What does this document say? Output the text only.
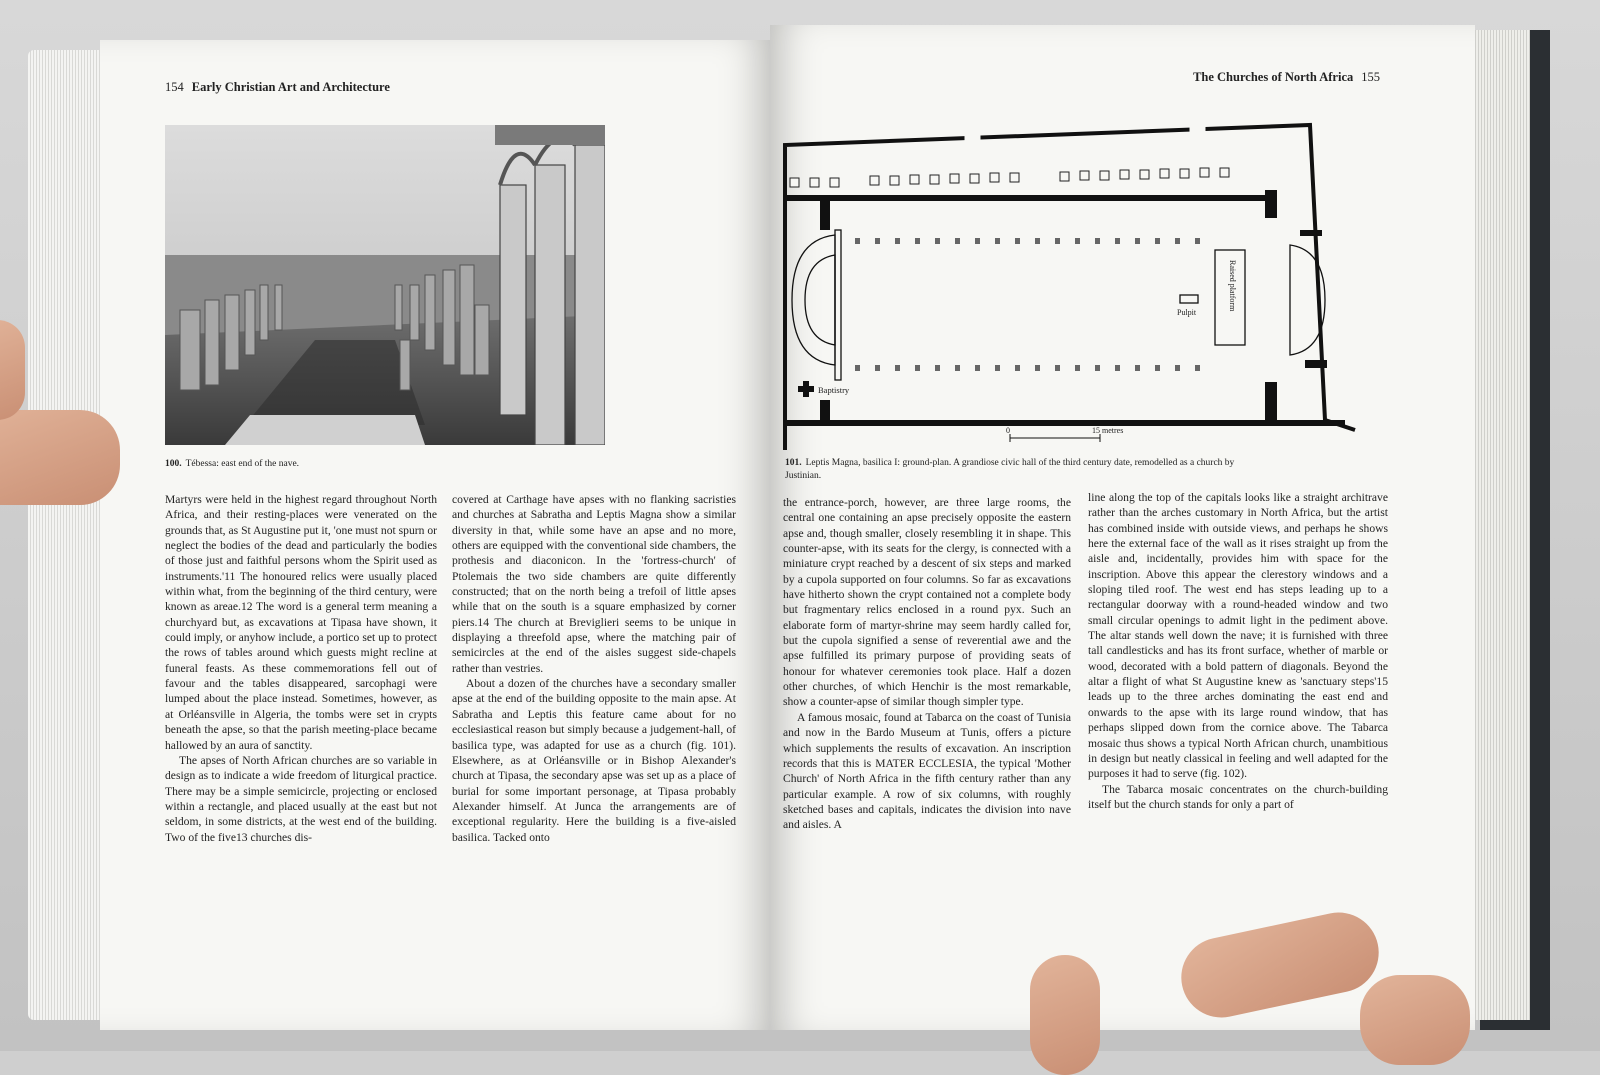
154 Early Christian Art and Architecture
100. Tébessa: east end of the nave.

Martyrs were held in the highest regard throughout North Africa, and their resting-places were venerated on the grounds that, as St Augustine put it, 'one must not spurn or neglect the bodies of the dead and particularly the bodies of those just and faithful persons whom the Spirit used as instruments.'11 The honoured relics were usually placed within what, from the beginning of the third century, were known as areae.12 The word is a general term meaning a churchyard but, as excavations at Tipasa have shown, it could imply, or anyhow include, a portico set up to protect the rows of tables around which guests might recline at funeral feasts. As these commemorations fell out of favour and the tables disappeared, sarcophagi were lumped about the place instead. Sometimes, however, as at Orléansville in Algeria, the tombs were set in crypts beneath the apse, so that the parish meeting-place became hallowed by an aura of sanctity.

The apses of North African churches are so variable in design as to indicate a wide freedom of liturgical practice. There may be a simple semicircle, projecting or enclosed within a rectangle, and placed usually at the east but not seldom, in some districts, at the west end of the building. Two of the five13 churches dis-

covered at Carthage have apses with no flanking sacristies and churches at Sabratha and Leptis Magna show a similar diversity in that, while some have an apse and no more, others are equipped with the conventional side chambers, the prothesis and diaconicon. In the 'fortress-church' of Ptolemais the two side chambers are quite differently constructed; that on the north being a trefoil of little apses while that on the south is a square emphasized by corner piers.14 The church at Breviglieri seems to be unique in displaying a threefold apse, where the matching pair of semicircles at the end of the aisles suggest side-chapels rather than vestries.

About a dozen of the churches have a secondary smaller apse at the end of the building opposite to the main apse. At Sabratha and Leptis this feature came about for no ecclesiastical reason but simply because a judgement-hall, of basilica type, was adapted for use as a church (fig. 101). Elsewhere, as at Orléansville or in Bishop Alexander's church at Tipasa, the secondary apse was set up as a place of burial for some important personage, at Tipasa probably Alexander himself. At Junca the arrangements are of exceptional regularity. Here the building is a five-aisled basilica. Tacked onto

The Churches of North Africa 155
Baptistry
Pulpit
Raised platform
0	15 metres
101. Leptis Magna, basilica I: ground-plan. A grandiose civic hall of the third century date, remodelled as a church by Justinian.

the entrance-porch, however, are three large rooms, the central one containing an apse precisely opposite the eastern apse and, though smaller, closely resembling it in shape. This counter-apse, with its seats for the clergy, is connected with a miniature crypt reached by a descent of six steps and marked by a cupola supported on four columns. So far as excavations have hitherto shown the crypt contained not a complete body but fragmentary relics enclosed in a round pyx. Such an elaborate form of martyr-shrine may seem hardly called for, but the cupola signified a sense of reverential awe and the apse fulfilled its primary purpose of providing seats of honour for whatever ceremonies took place. Half a dozen other churches, of which Henchir is the most remarkable, show a counter-apse of similar though simpler type.

A famous mosaic, found at Tabarca on the coast of Tunisia and now in the Bardo Museum at Tunis, offers a picture which supplements the results of excavation. An inscription records that this is MATER ECCLESIA, the typical 'Mother Church' of North Africa in the fifth century rather than any particular example. A row of six columns, with roughly sketched bases and capitals, indicates the division into nave and aisles. A

line along the top of the capitals looks like a straight architrave rather than the arches customary in North Africa, but the artist has combined inside with outside views, and perhaps he shows here the external face of the wall as it rises straight up from the aisle and, incidentally, provides him with space for the inscription. Above this appear the clerestory windows and a sloping tiled roof. The west end has steps leading up to a rectangular doorway with a round-headed window and two small circular openings to admit light in the pediment above. The altar stands well down the nave; it is furnished with three tall candlesticks and has its front surface, whether of marble or wood, decorated with a bold pattern of diagonals. Beyond the altar a flight of what St Augustine knew as 'sanctuary steps'15 leads up to the three arches dominating the east end and onwards to the apse with its large round window, that has perhaps slipped down from the cornice above. The Tabarca mosaic thus shows a typical North African church, unambitious in design but neatly classical in feeling and well adapted for the purposes it had to serve (fig. 102).

The Tabarca mosaic concentrates on the church-building itself but the church stands for only a part of
